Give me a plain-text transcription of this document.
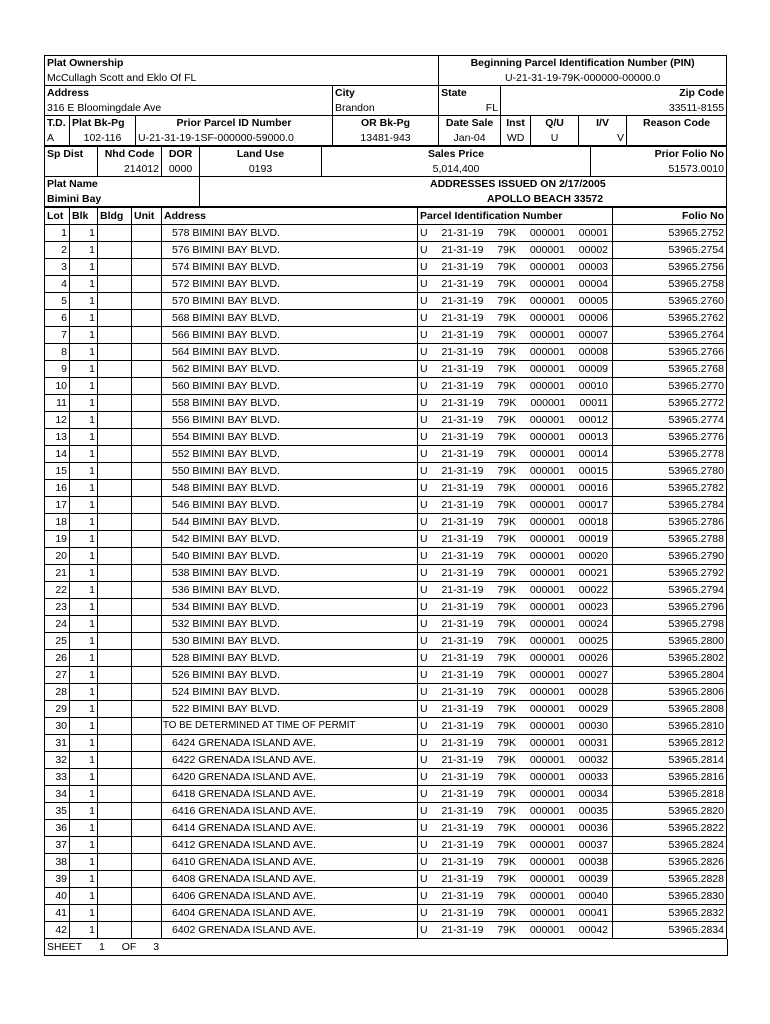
Plat Ownership				Beginning Parcel Identification Number (PIN)				
McCullagh Scott and Eklo Of FL				U-21-31-19-79K-000000-00000.0				
Address			City	State	Zip Code			
316 E Bloomingdale Ave			Brandon	FL	33511-8155			
T.D.	Plat Bk-Pg	Prior Parcel ID Number	OR Bk-Pg	Date Sale	Inst	Q/U	I/V	Reason Code
A	102-116	U-21-31-19-1SF-000000-59000.0	13481-943	Jan-04	WD	U	V	
Sp Dist	Nhd Code	DOR	Land Use	Sales Price	Prior Folio No
	214012	0000	0193	5,014,400	51573.0010
Plat Name			ADDRESSES ISSUED ON 2/17/2005		
Bimini Bay			APOLLO BEACH 33572		
Lot	Blk	Bldg	Unit	Address	Parcel Identification Number	Folio No
1	1			578 BIMINI BAY BLVD.	U 21-31-19 79K 000001 00001	53965.2752
2	1			576 BIMINI BAY BLVD.	U 21-31-19 79K 000001 00002	53965.2754
3	1			574 BIMINI BAY BLVD.	U 21-31-19 79K 000001 00003	53965.2756
4	1			572 BIMINI BAY BLVD.	U 21-31-19 79K 000001 00004	53965.2758
5	1			570 BIMINI BAY BLVD.	U 21-31-19 79K 000001 00005	53965.2760
6	1			568 BIMINI BAY BLVD.	U 21-31-19 79K 000001 00006	53965.2762
7	1			566 BIMINI BAY BLVD.	U 21-31-19 79K 000001 00007	53965.2764
8	1			564 BIMINI BAY BLVD.	U 21-31-19 79K 000001 00008	53965.2766
9	1			562 BIMINI BAY BLVD.	U 21-31-19 79K 000001 00009	53965.2768
10	1			560 BIMINI BAY BLVD.	U 21-31-19 79K 000001 00010	53965.2770
11	1			558 BIMINI BAY BLVD.	U 21-31-19 79K 000001 00011	53965.2772
12	1			556 BIMINI BAY BLVD.	U 21-31-19 79K 000001 00012	53965.2774
13	1			554 BIMINI BAY BLVD.	U 21-31-19 79K 000001 00013	53965.2776
14	1			552 BIMINI BAY BLVD.	U 21-31-19 79K 000001 00014	53965.2778
15	1			550 BIMINI BAY BLVD.	U 21-31-19 79K 000001 00015	53965.2780
16	1			548 BIMINI BAY BLVD.	U 21-31-19 79K 000001 00016	53965.2782
17	1			546 BIMINI BAY BLVD.	U 21-31-19 79K 000001 00017	53965.2784
18	1			544 BIMINI BAY BLVD.	U 21-31-19 79K 000001 00018	53965.2786
19	1			542 BIMINI BAY BLVD.	U 21-31-19 79K 000001 00019	53965.2788
20	1			540 BIMINI BAY BLVD.	U 21-31-19 79K 000001 00020	53965.2790
21	1			538 BIMINI BAY BLVD.	U 21-31-19 79K 000001 00021	53965.2792
22	1			536 BIMINI BAY BLVD.	U 21-31-19 79K 000001 00022	53965.2794
23	1			534 BIMINI BAY BLVD.	U 21-31-19 79K 000001 00023	53965.2796
24	1			532 BIMINI BAY BLVD.	U 21-31-19 79K 000001 00024	53965.2798
25	1			530 BIMINI BAY BLVD.	U 21-31-19 79K 000001 00025	53965.2800
26	1			528 BIMINI BAY BLVD.	U 21-31-19 79K 000001 00026	53965.2802
27	1			526 BIMINI BAY BLVD.	U 21-31-19 79K 000001 00027	53965.2804
28	1			524 BIMINI BAY BLVD.	U 21-31-19 79K 000001 00028	53965.2806
29	1			522 BIMINI BAY BLVD.	U 21-31-19 79K 000001 00029	53965.2808
30	1			TO BE DETERMINED AT TIME OF PERMIT	U 21-31-19 79K 000001 00030	53965.2810
31	1			6424 GRENADA ISLAND AVE.	U 21-31-19 79K 000001 00031	53965.2812
32	1			6422 GRENADA ISLAND AVE.	U 21-31-19 79K 000001 00032	53965.2814
33	1			6420 GRENADA ISLAND AVE.	U 21-31-19 79K 000001 00033	53965.2816
34	1			6418 GRENADA ISLAND AVE.	U 21-31-19 79K 000001 00034	53965.2818
35	1			6416 GRENADA ISLAND AVE.	U 21-31-19 79K 000001 00035	53965.2820
36	1			6414 GRENADA ISLAND AVE.	U 21-31-19 79K 000001 00036	53965.2822
37	1			6412 GRENADA ISLAND AVE.	U 21-31-19 79K 000001 00037	53965.2824
38	1			6410 GRENADA ISLAND AVE.	U 21-31-19 79K 000001 00038	53965.2826
39	1			6408 GRENADA ISLAND AVE.	U 21-31-19 79K 000001 00039	53965.2828
40	1			6406 GRENADA ISLAND AVE.	U 21-31-19 79K 000001 00040	53965.2830
41	1			6404 GRENADA ISLAND AVE.	U 21-31-19 79K 000001 00041	53965.2832
42	1			6402 GRENADA ISLAND AVE.	U 21-31-19 79K 000001 00042	53965.2834
SHEET 1 OF 3
